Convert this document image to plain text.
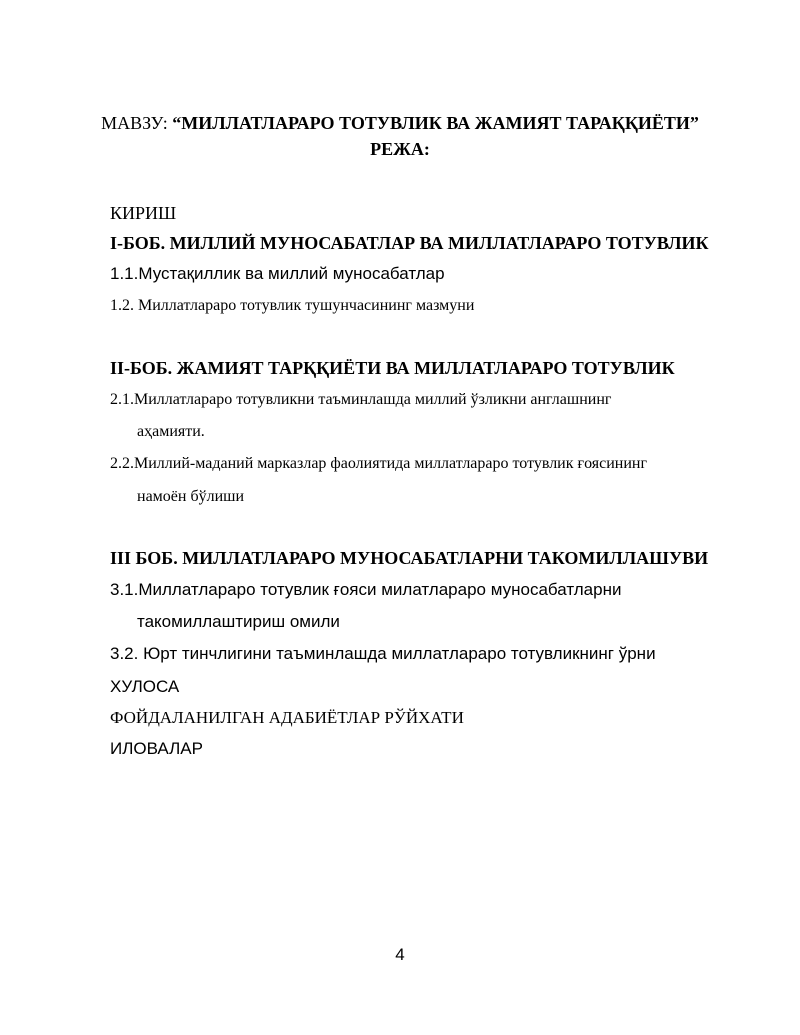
МАВЗУ: “МИЛЛАТЛАРАРО ТОТУВЛИК ВА ЖАМИЯТ ТАРАҚҚИЁТИ”
РЕЖА:
КИРИШ
I-БОБ. МИЛЛИЙ МУНОСАБАТЛАР ВА МИЛЛАТЛАРАРО ТОТУВЛИК
1.1.Мустақиллик ва миллий муносабатлар
1.2. Миллатлараро тотувлик тушунчасининг мазмуни
II-БОБ. ЖАМИЯТ ТАРҚҚИЁТИ ВА МИЛЛАТЛАРАРО ТОТУВЛИК
2.1.Миллатлараро тотувликни таъминлашда миллий ўзликни англашнинг
аҳамияти.
2.2.Миллий-маданий марказлар фаолиятида миллатлараро тотувлик ғоясининг
намоён бўлиши
III БОБ. МИЛЛАТЛАРАРО МУНОСАБАТЛАРНИ ТАКОМИЛЛАШУВИ
3.1.Миллатлараро тотувлик ғояси милатлараро муносабатларни
такомиллаштириш омили
3.2. Юрт тинчлигини таъминлашда миллатлараро тотувликнинг ўрни
ХУЛОСА
ФОЙДАЛАНИЛГАН АДАБИЁТЛАР РЎЙХАТИ
ИЛОВАЛАР
4
